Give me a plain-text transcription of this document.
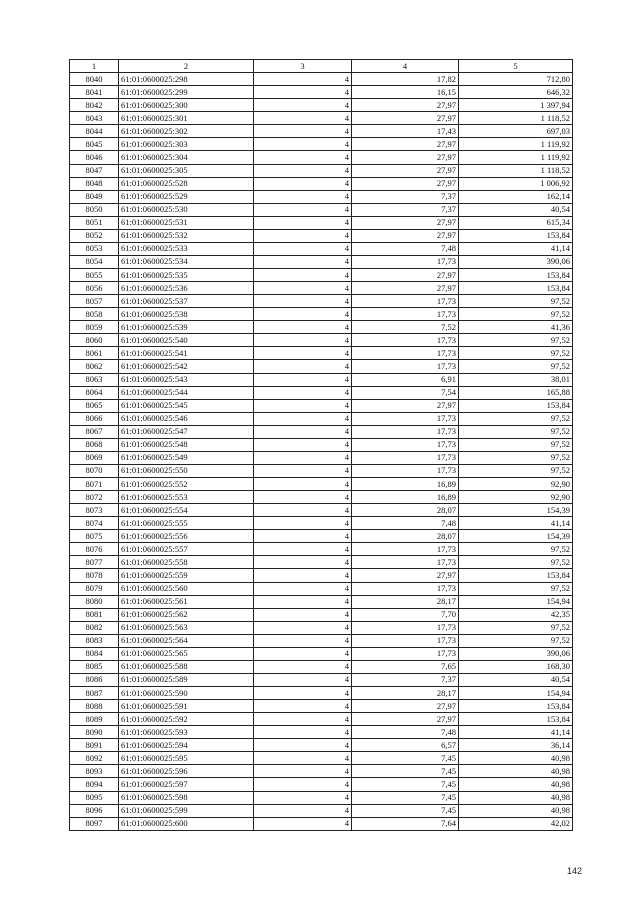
1	2	3	4	5
8040	61:01:0600025:298	4	17,82	712,80
8041	61:01:0600025:299	4	16,15	646,32
8042	61:01:0600025:300	4	27,97	1 397,94
8043	61:01:0600025:301	4	27,97	1 118,52
8044	61:01:0600025:302	4	17,43	697,03
8045	61:01:0600025:303	4	27,97	1 119,92
8046	61:01:0600025:304	4	27,97	1 119,92
8047	61:01:0600025:305	4	27,97	1 118,52
8048	61:01:0600025:528	4	27,97	1 006,92
8049	61:01:0600025:529	4	7,37	162,14
8050	61:01:0600025:530	4	7,37	40,54
8051	61:01:0600025:531	4	27,97	615,34
8052	61:01:0600025:532	4	27,97	153,84
8053	61:01:0600025:533	4	7,48	41,14
8054	61:01:0600025:534	4	17,73	390,06
8055	61:01:0600025:535	4	27,97	153,84
8056	61:01:0600025:536	4	27,97	153,84
8057	61:01:0600025:537	4	17,73	97,52
8058	61:01:0600025:538	4	17,73	97,52
8059	61:01:0600025:539	4	7,52	41,36
8060	61:01:0600025:540	4	17,73	97,52
8061	61:01:0600025:541	4	17,73	97,52
8062	61:01:0600025:542	4	17,73	97,52
8063	61:01:0600025:543	4	6,91	38,01
8064	61:01:0600025:544	4	7,54	165,88
8065	61:01:0600025:545	4	27,97	153,84
8066	61:01:0600025:546	4	17,73	97,52
8067	61:01:0600025:547	4	17,73	97,52
8068	61:01:0600025:548	4	17,73	97,52
8069	61:01:0600025:549	4	17,73	97,52
8070	61:01:0600025:550	4	17,73	97,52
8071	61:01:0600025:552	4	16,89	92,90
8072	61:01:0600025:553	4	16,89	92,90
8073	61:01:0600025:554	4	28,07	154,39
8074	61:01:0600025:555	4	7,48	41,14
8075	61:01:0600025:556	4	28,07	154,39
8076	61:01:0600025:557	4	17,73	97,52
8077	61:01:0600025:558	4	17,73	97,52
8078	61:01:0600025:559	4	27,97	153,84
8079	61:01:0600025:560	4	17,73	97,52
8080	61:01:0600025:561	4	28,17	154,94
8081	61:01:0600025:562	4	7,70	42,35
8082	61:01:0600025:563	4	17,73	97,52
8083	61:01:0600025:564	4	17,73	97,52
8084	61:01:0600025:565	4	17,73	390,06
8085	61:01:0600025:588	4	7,65	168,30
8086	61:01:0600025:589	4	7,37	40,54
8087	61:01:0600025:590	4	28,17	154,94
8088	61:01:0600025:591	4	27,97	153,84
8089	61:01:0600025:592	4	27,97	153,84
8090	61:01:0600025:593	4	7,48	41,14
8091	61:01:0600025:594	4	6,57	36,14
8092	61:01:0600025:595	4	7,45	40,98
8093	61:01:0600025:596	4	7,45	40,98
8094	61:01:0600025:597	4	7,45	40,98
8095	61:01:0600025:598	4	7,45	40,98
8096	61:01:0600025:599	4	7,45	40,98
8097	61:01:0600025:600	4	7,64	42,02
142
